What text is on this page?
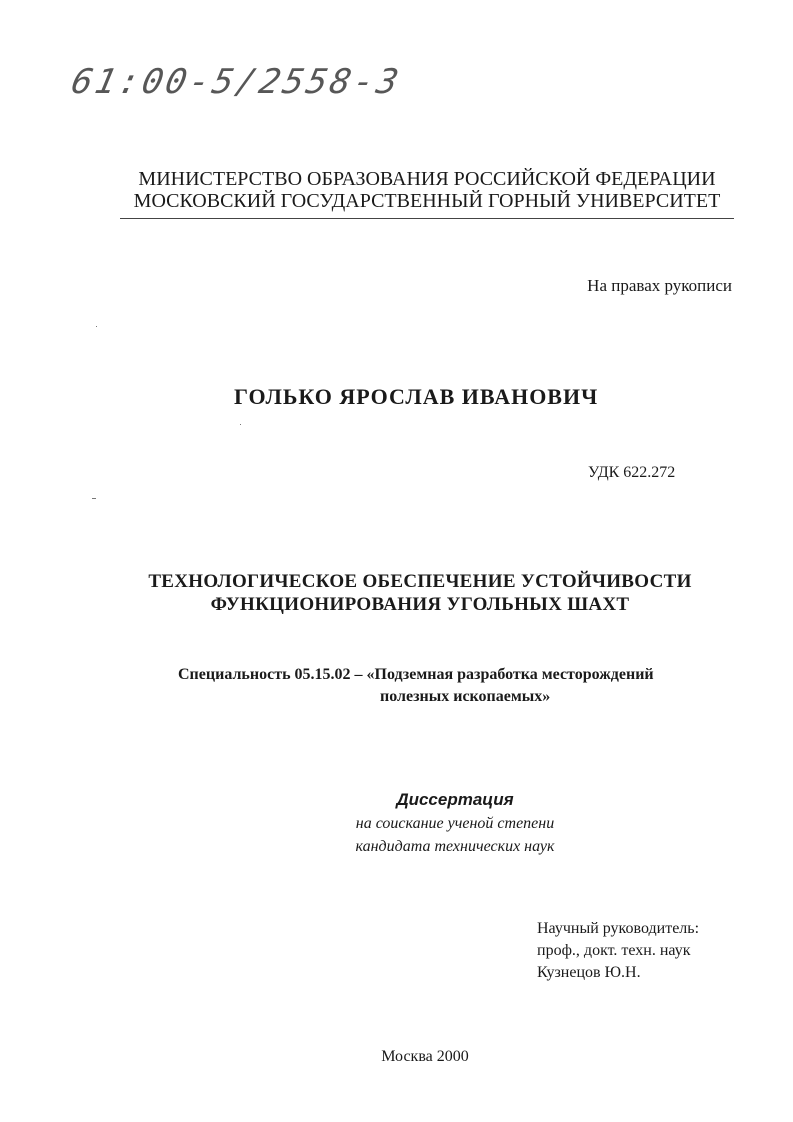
61:00-5/2558-3
МИНИСТЕРСТВО ОБРАЗОВАНИЯ РОССИЙСКОЙ ФЕДЕРАЦИИ
МОСКОВСКИЙ ГОСУДАРСТВЕННЫЙ ГОРНЫЙ УНИВЕРСИТЕТ
На правах рукописи
ГОЛЬКО ЯРОСЛАВ ИВАНОВИЧ
УДК 622.272
ТЕХНОЛОГИЧЕСКОЕ ОБЕСПЕЧЕНИЕ УСТОЙЧИВОСТИ
ФУНКЦИОНИРОВАНИЯ УГОЛЬНЫХ ШАХТ
Специальность 05.15.02 – «Подземная разработка месторождений
полезных ископаемых»
Диссертация
на соискание ученой степени
кандидата технических наук
Научный руководитель:
проф., докт. техн. наук
Кузнецов Ю.Н.
Москва 2000
